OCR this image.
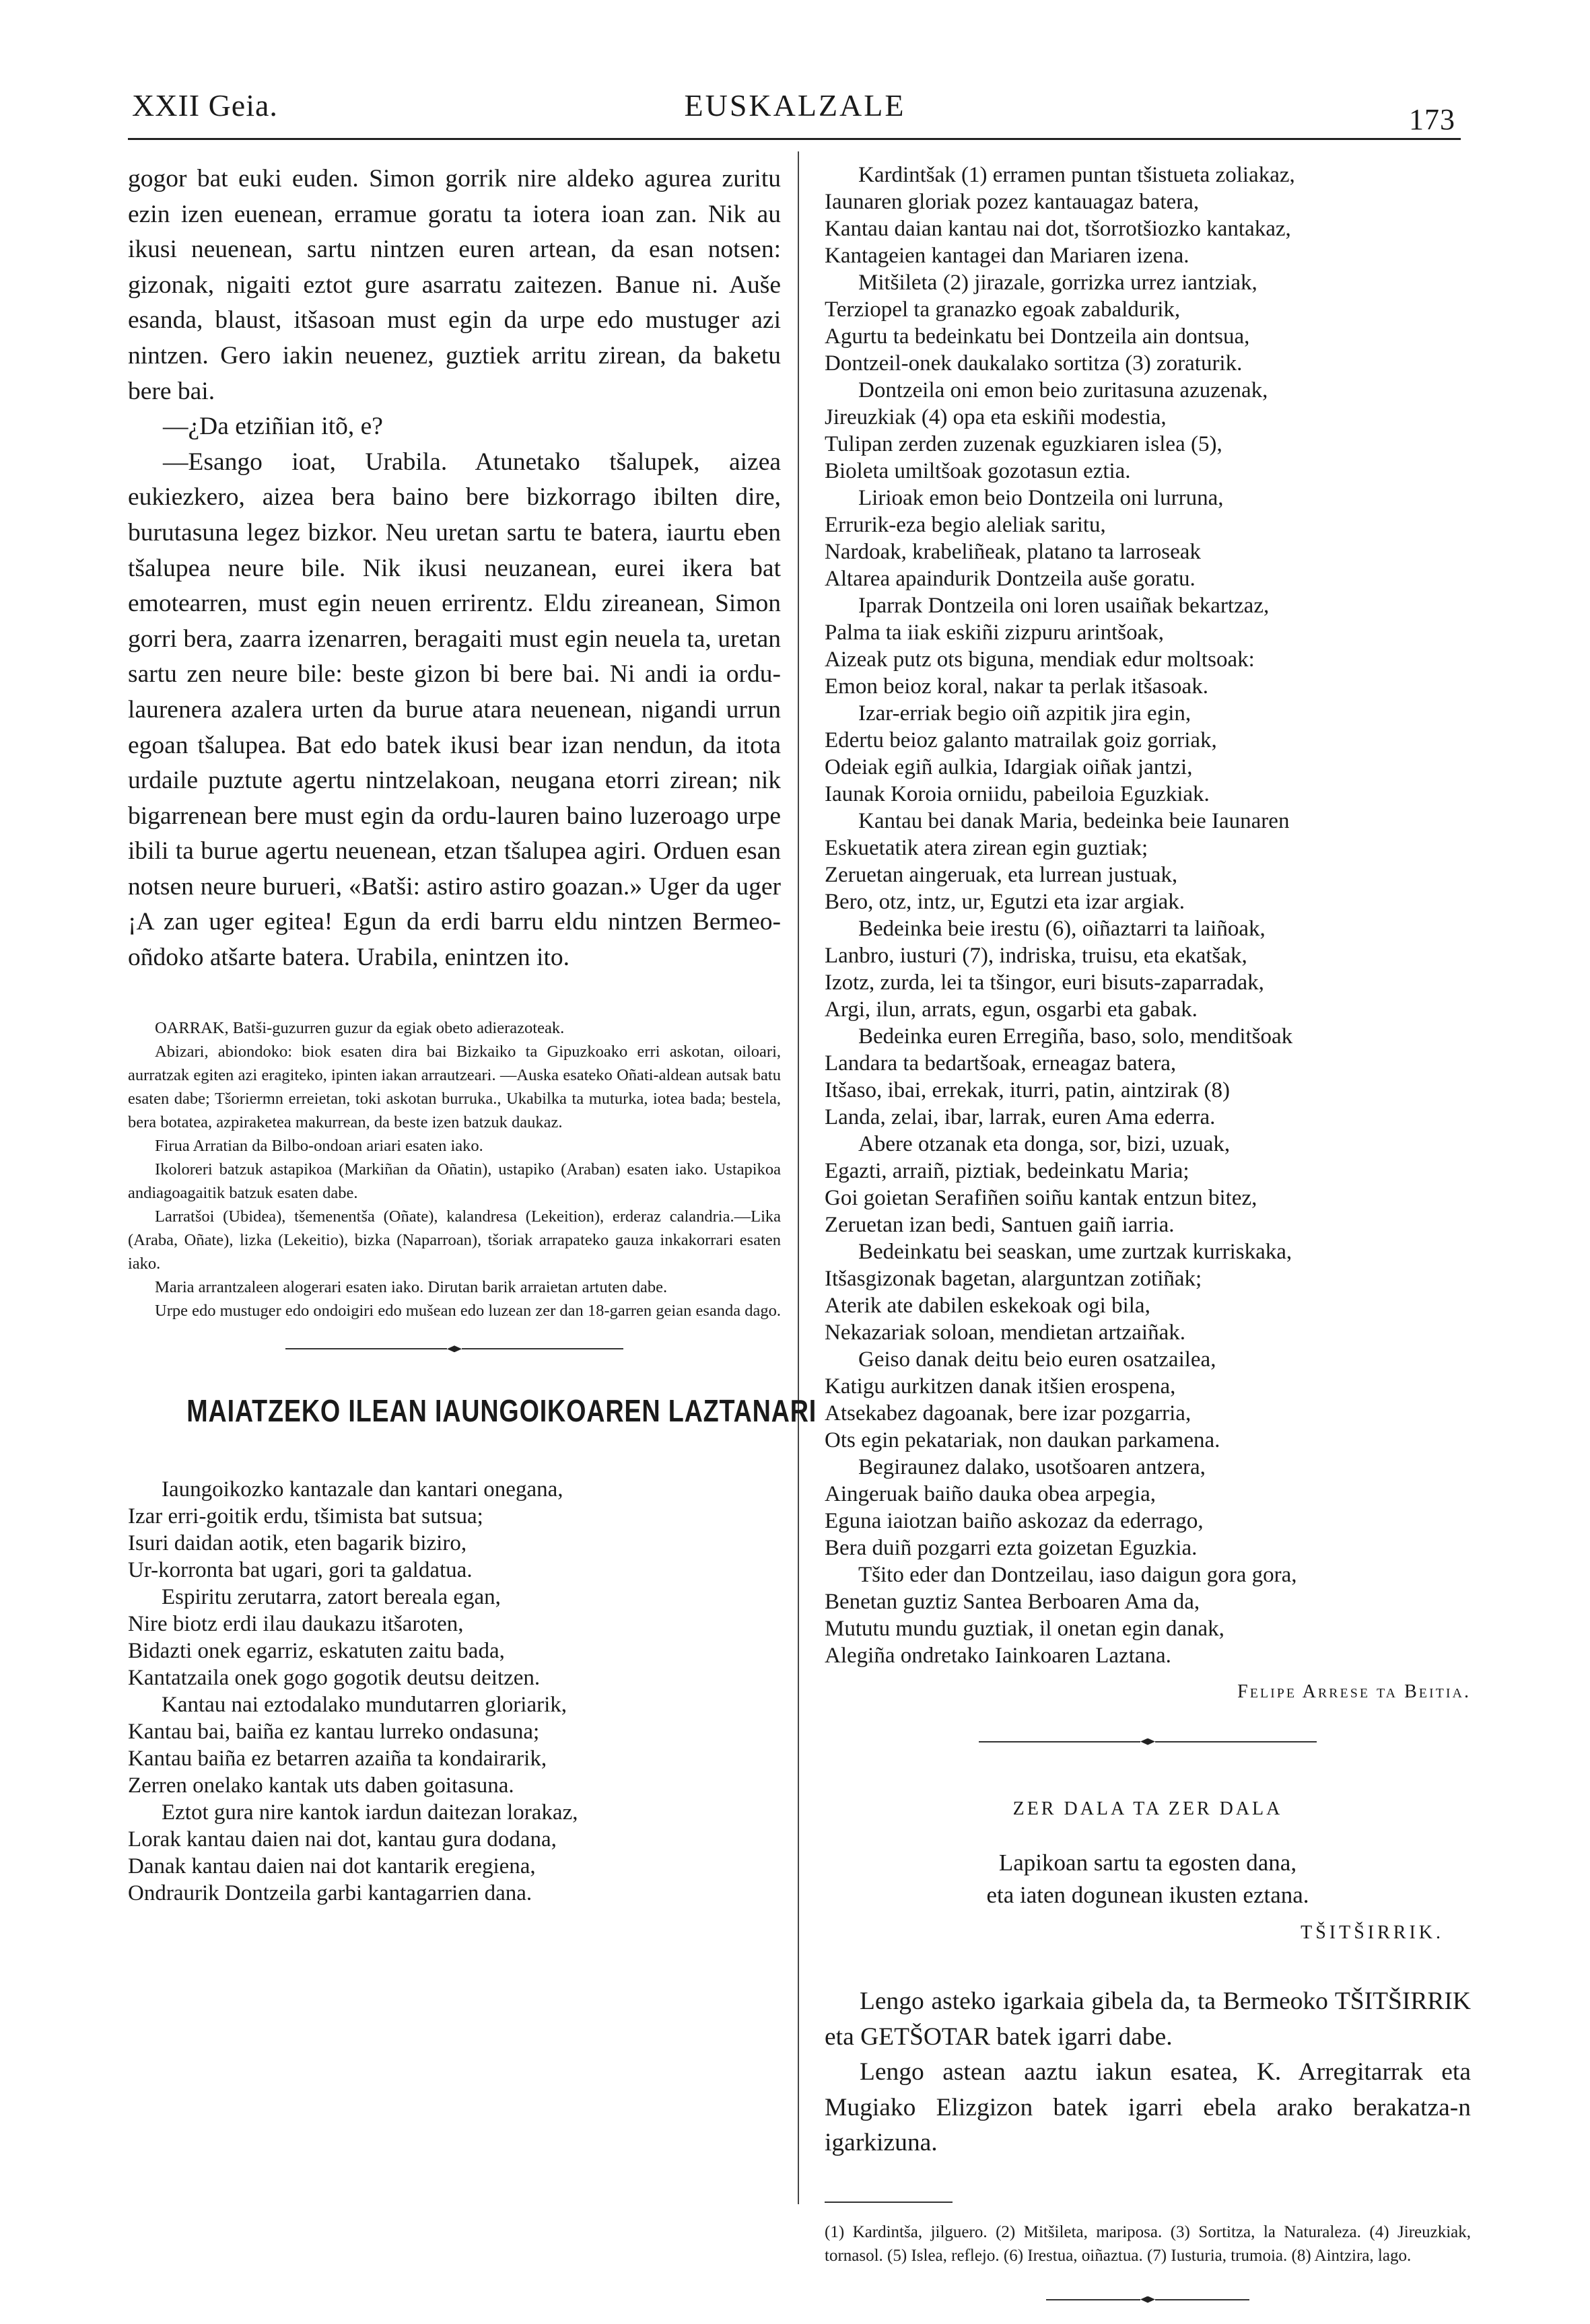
XXII Geia.	EUSKALZALE	173

gogor bat euki euden. Simon gorrik nire aldeko agurea zuritu ezin izen euenean, erramue goratu ta iotera ioan zan. Nik au ikusi neuenean, sartu nintzen euren artean, da esan notsen: gizonak, nigaiti eztot gure asarratu zaitezen. Banue ni. Auše esanda, blaust, itšasoan must egin da urpe edo mustuger azi nintzen. Gero iakin neuenez, guztiek arritu zirean, da baketu bere bai.

—¿Da etziñian itõ, e?

—Esango ioat, Urabila. Atunetako tšalupek, aizea eukiezkero, aizea bera baino bere bizkorrago ibilten dire, burutasuna legez bizkor. Neu uretan sartu te batera, iaurtu eben tšalupea neure bile. Nik ikusi neuzanean, eurei ikera bat emotearren, must egin neuen errirentz. Eldu zireanean, Simon gorri bera, zaarra izenarren, beragaiti must egin neuela ta, uretan sartu zen neure bile: beste gizon bi bere bai. Ni andi ia ordu-laurenera azalera urten da burue atara neuenean, nigandi urrun egoan tšalupea. Bat edo batek ikusi bear izan nendun, da itota urdaile puztute agertu nintzelakoan, neugana etorri zirean; nik bigarrenean bere must egin da ordu-lauren baino luzeroago urpe ibili ta burue agertu neuenean, etzan tšalupea agiri. Orduen esan notsen neure burueri, «Batši: astiro astiro goazan.» Uger da uger ¡A zan uger egitea! Egun da erdi barru eldu nintzen Bermeo-oñdoko atšarte batera. Urabila, enintzen ito.

OARRAK, Batši-guzurren guzur da egiak obeto adierazoteak.

Abizari, abiondoko: biok esaten dira bai Bizkaiko ta Gipuzkoako erri askotan, oiloari, aurratzak egiten azi eragiteko, ipinten iakan arrautzeari. —Auska esateko Oñati-aldean autsak batu esaten dabe; Tšoriermn erreietan, toki askotan burruka., Ukabilka ta muturka, iotea bada; bestela, bera botatea, azpiraketea makurrean, da beste izen batzuk daukaz.

Firua Arratian da Bilbo-ondoan ariari esaten iako.

Ikoloreri batzuk astapikoa (Markiñan da Oñatin), ustapiko (Araban) esaten iako. Ustapikoa andiagoagaitik batzuk esaten dabe.

Larratšoi (Ubidea), tšemenentša (Oñate), kalandresa (Lekeition), erderaz calandria.—Lika (Araba, Oñate), lizka (Lekeitio), bizka (Naparroan), tšoriak arrapateko gauza inkakorrari esaten iako.

Maria arrantzaleen alogerari esaten iako. Dirutan barik arraietan artuten dabe.

Urpe edo mustuger edo ondoigiri edo mušean edo luzean zer dan 18-garren geian esanda dago.

MAIATZEKO ILEAN IAUNGOIKOAREN LAZTANARI

Iaungoikozko kantazale dan kantari onegana,

Izar erri-goitik erdu, tšimista bat sutsua;

Isuri daidan aotik, eten bagarik biziro,

Ur-korronta bat ugari, gori ta galdatua.

Espiritu zerutarra, zatort bereala egan,

Nire biotz erdi ilau daukazu itšaroten,

Bidazti onek egarriz, eskatuten zaitu bada,

Kantatzaila onek gogo gogotik deutsu deitzen.

Kantau nai eztodalako mundutarren gloriarik,

Kantau bai, baiña ez kantau lurreko ondasuna;

Kantau baiña ez betarren azaiña ta kondairarik,

Zerren onelako kantak uts daben goitasuna.

Eztot gura nire kantok iardun daitezan lorakaz,

Lorak kantau daien nai dot, kantau gura dodana,

Danak kantau daien nai dot kantarik eregiena,

Ondraurik Dontzeila garbi kantagarrien dana.

Kardintšak (1) erramen puntan tšistueta zoliakaz,

Iaunaren gloriak pozez kantauagaz batera,

Kantau daian kantau nai dot, tšorrotšiozko kantakaz,

Kantageien kantagei dan Mariaren izena.

Mitšileta (2) jirazale, gorrizka urrez iantziak,

Terziopel ta granazko egoak zabaldurik,

Agurtu ta bedeinkatu bei Dontzeila ain dontsua,

Dontzeil-onek daukalako sortitza (3) zoraturik.

Dontzeila oni emon beio zuritasuna azuzenak,

Jireuzkiak (4) opa eta eskiñi modestia,

Tulipan zerden zuzenak eguzkiaren islea (5),

Bioleta umiltšoak gozotasun eztia.

Lirioak emon beio Dontzeila oni lurruna,

Errurik-eza begio aleliak saritu,

Nardoak, krabeliñeak, platano ta larroseak

Altarea apaindurik Dontzeila auše goratu.

Iparrak Dontzeila oni loren usaiñak bekartzaz,

Palma ta iiak eskiñi zizpuru arintšoak,

Aizeak putz ots biguna, mendiak edur moltsoak:

Emon beioz koral, nakar ta perlak itšasoak.

Izar-erriak begio oiñ azpitik jira egin,

Edertu beioz galanto matrailak goiz gorriak,

Odeiak egiñ aulkia, Idargiak oiñak jantzi,

Iaunak Koroia orniidu, pabeiloia Eguzkiak.

Kantau bei danak Maria, bedeinka beie Iaunaren

Eskuetatik atera zirean egin guztiak;

Zeruetan aingeruak, eta lurrean justuak,

Bero, otz, intz, ur, Egutzi eta izar argiak.

Bedeinka beie irestu (6), oiñaztarri ta laiñoak,

Lanbro, iusturi (7), indriska, truisu, eta ekatšak,

Izotz, zurda, lei ta tšingor, euri bisuts-zaparradak,

Argi, ilun, arrats, egun, osgarbi eta gabak.

Bedeinka euren Erregiña, baso, solo, menditšoak

Landara ta bedartšoak, erneagaz batera,

Itšaso, ibai, errekak, iturri, patin, aintzirak (8)

Landa, zelai, ibar, larrak, euren Ama ederra.

Abere otzanak eta donga, sor, bizi, uzuak,

Egazti, arraiñ, piztiak, bedeinkatu Maria;

Goi goietan Serafiñen soiñu kantak entzun bitez,

Zeruetan izan bedi, Santuen gaiñ iarria.

Bedeinkatu bei seaskan, ume zurtzak kurriskaka,

Itšasgizonak bagetan, alarguntzan zotiñak;

Aterik ate dabilen eskekoak ogi bila,

Nekazariak soloan, mendietan artzaiñak.

Geiso danak deitu beio euren osatzailea,

Katigu aurkitzen danak itšien erospena,

Atsekabez dagoanak, bere izar pozgarria,

Ots egin pekatariak, non daukan parkamena.

Begiraunez dalako, usotšoaren antzera,

Aingeruak baiño dauka obea arpegia,

Eguna iaiotzan baiño askozaz da ederrago,

Bera duiñ pozgarri ezta goizetan Eguzkia.

Tšito eder dan Dontzeilau, iaso daigun gora gora,

Benetan guztiz Santea Berboaren Ama da,

Mututu mundu guztiak, il onetan egin danak,

Alegiña ondretako Iainkoaren Laztana.

Felipe Arrese ta Beitia.
ZER DALA TA ZER DALA
Lapikoan sartu ta egosten dana,
eta iaten dogunean ikusten eztana.
TŠITŠIRRIK.

Lengo asteko igarkaia gibela da, ta Bermeoko TŠITŠIRRIK eta GETŠOTAR batek igarri dabe.

Lengo astean aaztu iakun esatea, K. Arregitarrak eta Mugiako Elizgizon batek igarri ebela arako berakatza-n igarkizuna.

(1) Kardintša, jilguero. (2) Mitšileta, mariposa. (3) Sortitza, la Naturaleza. (4) Jireuzkiak, tornasol. (5) Islea, reflejo. (6) Irestua, oiñaztua. (7) Iusturia, trumoia. (8) Aintzira, lago.
